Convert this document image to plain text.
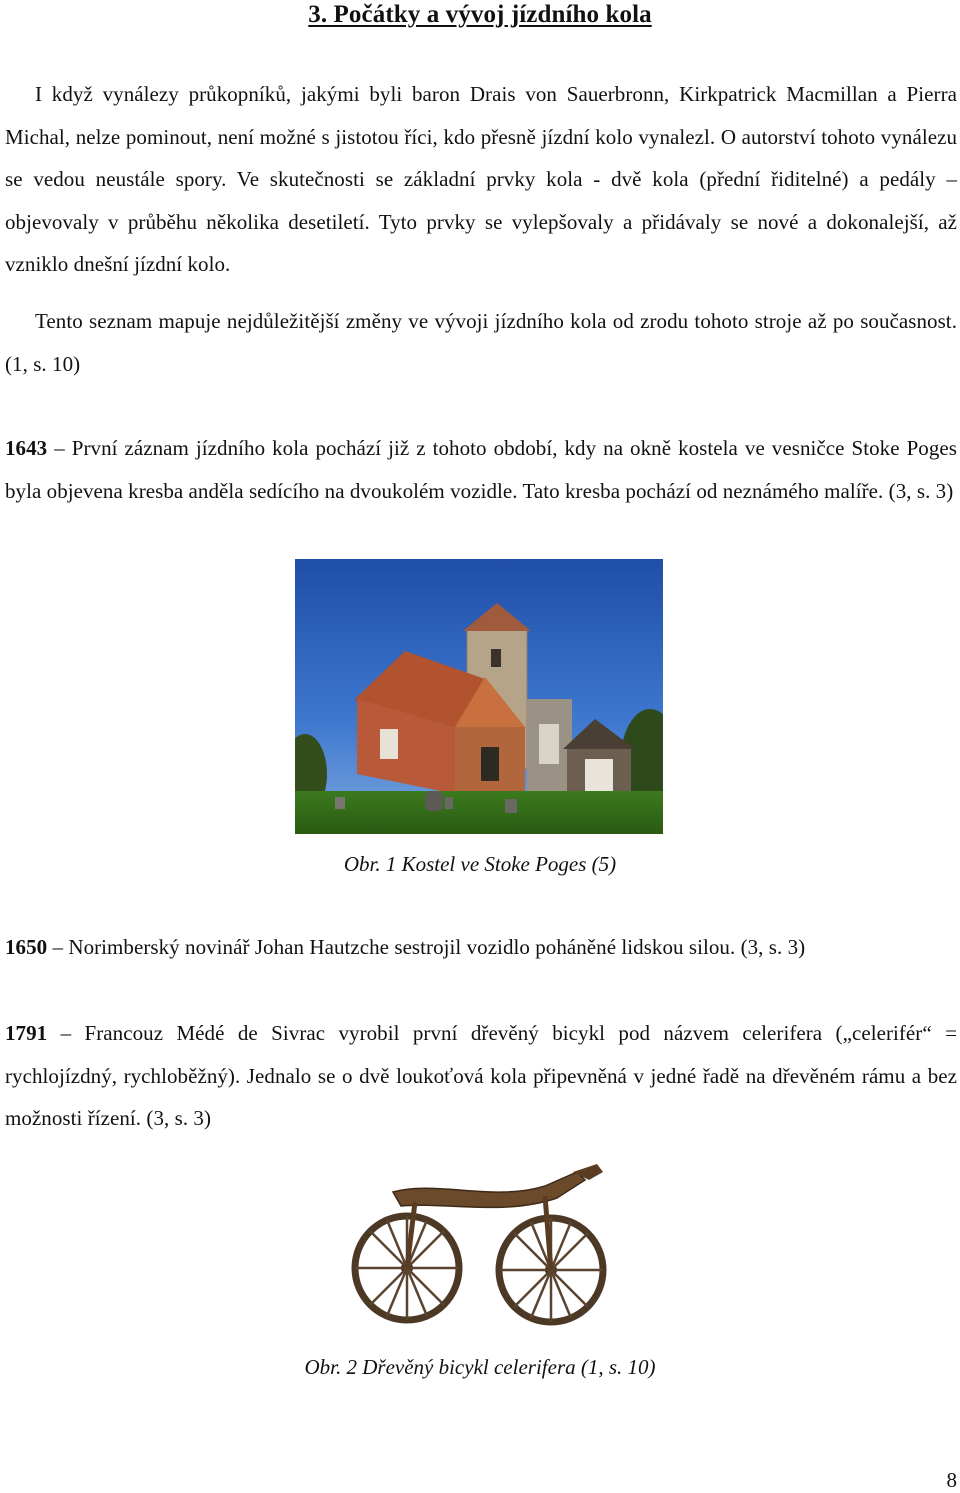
3. Počátky a vývoj jízdního kola

I když vynálezy průkopníků, jakými byli baron Drais von Sauerbronn, Kirkpatrick Macmillan a Pierra Michal, nelze pominout, není možné s jistotou říci, kdo přesně jízdní kolo vynalezl. O autorství tohoto vynálezu se vedou neustále spory. Ve skutečnosti se základní prvky kola - dvě kola (přední řiditelné) a pedály – objevovaly v průběhu několika desetiletí. Tyto prvky se vylepšovaly a přidávaly se nové a dokonalejší, až vzniklo dnešní jízdní kolo.

Tento seznam mapuje nejdůležitější změny ve vývoji jízdního kola od zrodu tohoto stroje až po současnost. (1, s. 10)

1643 – První záznam jízdního kola pochází již z tohoto období, kdy na okně kostela ve vesničce Stoke Poges byla objevena kresba anděla sedícího na dvoukolém vozidle. Tato kresba pochází od neznámého malíře. (3, s. 3)

Obr. 1 Kostel ve Stoke Poges (5)

1650 – Norimberský novinář Johan Hautzche sestrojil vozidlo poháněné lidskou silou. (3, s. 3)

1791 – Francouz Médé de Sivrac vyrobil první dřevěný bicykl pod názvem celerifera („celerifér“ = rychlojízdný, rychloběžný). Jednalo se o dvě loukoťová kola připevněná v jedné řadě na dřevěném rámu a bez možnosti řízení. (3, s. 3)

Obr. 2 Dřevěný bicykl celerifera (1, s. 10)
8
